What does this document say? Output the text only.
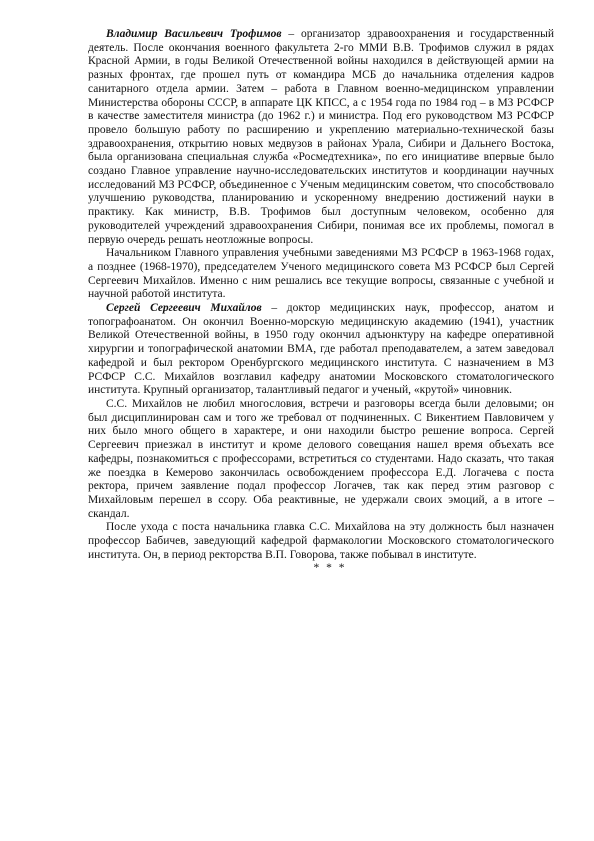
Владимир Васильевич Трофимов – организатор здравоохранения и государственный деятель. После окончания военного факультета 2-го ММИ В.В. Трофимов служил в рядах Красной Армии, в годы Великой Отечественной войны находился в действующей армии на разных фронтах, где прошел путь от командира МСБ до начальника отделения кадров санитарного отдела армии. Затем – работа в Главном военно-медицинском управлении Министерства обороны СССР, в аппарате ЦК КПСС, а с 1954 года по 1984 год – в МЗ РСФСР в качестве заместителя министра (до 1962 г.) и министра. Под его руководством МЗ РСФСР провело большую работу по расширению и укреплению материально-технической базы здравоохранения, открытию новых медвузов в районах Урала, Сибири и Дальнего Востока, была организована специальная служба «Росмедтехника», по его инициативе впервые было создано Главное управление научно-исследовательских институтов и координации научных исследований МЗ РСФСР, объединенное с Ученым медицинским советом, что способствовало улучшению руководства, планированию и ускоренному внедрению достижений науки в практику. Как министр, В.В. Трофимов был доступным человеком, особенно для руководителей учреждений здравоохранения Сибири, понимая все их проблемы, помогал в первую очередь решать неотложные вопросы.

Начальником Главного управления учебными заведениями МЗ РСФСР в 1963-1968 годах, а позднее (1968-1970), председателем Ученого медицинского совета МЗ РСФСР был Сергей Сергеевич Михайлов. Именно с ним решались все текущие вопросы, связанные с учебной и научной работой института.

Сергей Сергеевич Михайлов – доктор медицинских наук, профессор, анатом и топографоанатом. Он окончил Военно-морскую медицинскую академию (1941), участник Великой Отечественной войны, в 1950 году окончил адъюнктуру на кафедре оперативной хирургии и топографической анатомии ВМА, где работал преподавателем, а затем заведовал кафедрой и был ректором Оренбургского медицинского института. С назначением в МЗ РСФСР С.С. Михайлов возглавил кафедру анатомии Московского стоматологического института. Крупный организатор, талантливый педагог и ученый, «крутой» чиновник.

С.С. Михайлов не любил многословия, встречи и разговоры всегда были деловыми; он был дисциплинирован сам и того же требовал от подчиненных. С Викентием Павловичем у них было много общего в характере, и они находили быстро решение вопроса. Сергей Сергеевич приезжал в институт и кроме делового совещания нашел время объехать все кафедры, познакомиться с профессорами, встретиться со студентами. Надо сказать, что такая же поездка в Кемерово закончилась освобождением профессора Е.Д. Логачева с поста ректора, причем заявление подал профессор Логачев, так как перед этим разговор с Михайловым перешел в ссору. Оба реактивные, не удержали своих эмоций, а в итоге – скандал.

После ухода с поста начальника главка С.С. Михайлова на эту должность был назначен профессор Бабичев, заведующий кафедрой фармакологии Московского стоматологического института. Он, в период ректорства В.П. Говорова, также побывал в институте.

* * *
